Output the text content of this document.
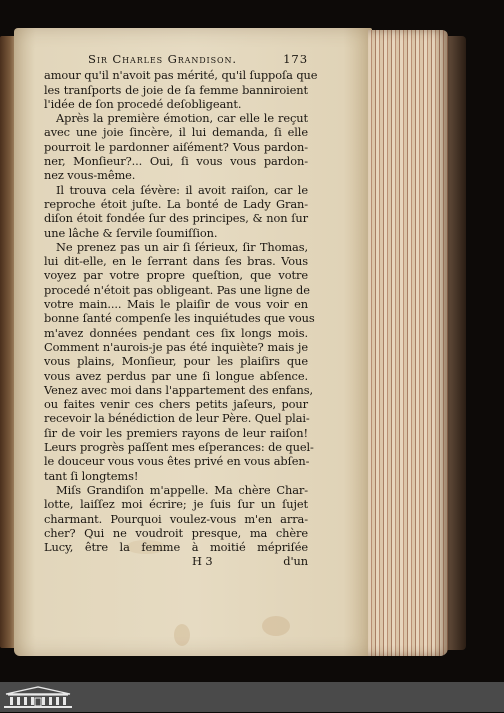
Sir Charles Grandison.	173
amour qu'il n'avoit pas mérité, qu'il ſuppoſa que
les tranſports de joie de ſa femme banniroient
l'idée de ſon procedé deſobligeant.
Après la première émotion, car elle le reçut
avec une joie ſincère, il lui demanda, ſi elle
pourroit le pardonner aiſément? Vous pardon-
ner, Monſieur?... Oui, ſi vous vous pardon-
nez vous-même.
Il trouva cela ſévère: il avoit raiſon, car le
reproche étoit juſte. La bonté de Lady Gran-
diſon étoit fondée ſur des principes, & non ſur
une lâche & ſervile ſoumiſſion.
Ne prenez pas un air ſi ſérieux, ſir Thomas,
lui dit-elle, en le ſerrant dans ſes bras. Vous
voyez par votre propre queſtion, que votre
procedé n'étoit pas obligeant. Pas une ligne de
votre main.... Mais le plaiſir de vous voir en
bonne ſanté compenſe les inquiétudes que vous
m'avez données pendant ces ſix longs mois.
Comment n'aurois-je pas été inquiète? mais je
vous plains, Monſieur, pour les plaiſirs que
vous avez perdus par une ſi longue abſence.
Venez avec moi dans l'appartement des enfans,
ou faites venir ces chers petits jaſeurs, pour
recevoir la bénédiction de leur Père. Quel plai-
ſir de voir les premiers rayons de leur raiſon!
Leurs progrès paſſent mes eſperances: de quel-
le douceur vous vous êtes privé en vous abſen-
tant ſi longtems!
Miſs Grandiſon m'appelle. Ma chère Char-
lotte, laiſſez moi écrire; je ſuis ſur un ſujet
charmant. Pourquoi voulez-vous m'en arra-
cher? Qui ne voudroit presque, ma chère
Lucy, être la femme à moitié mépriſée
H 3	d'un
